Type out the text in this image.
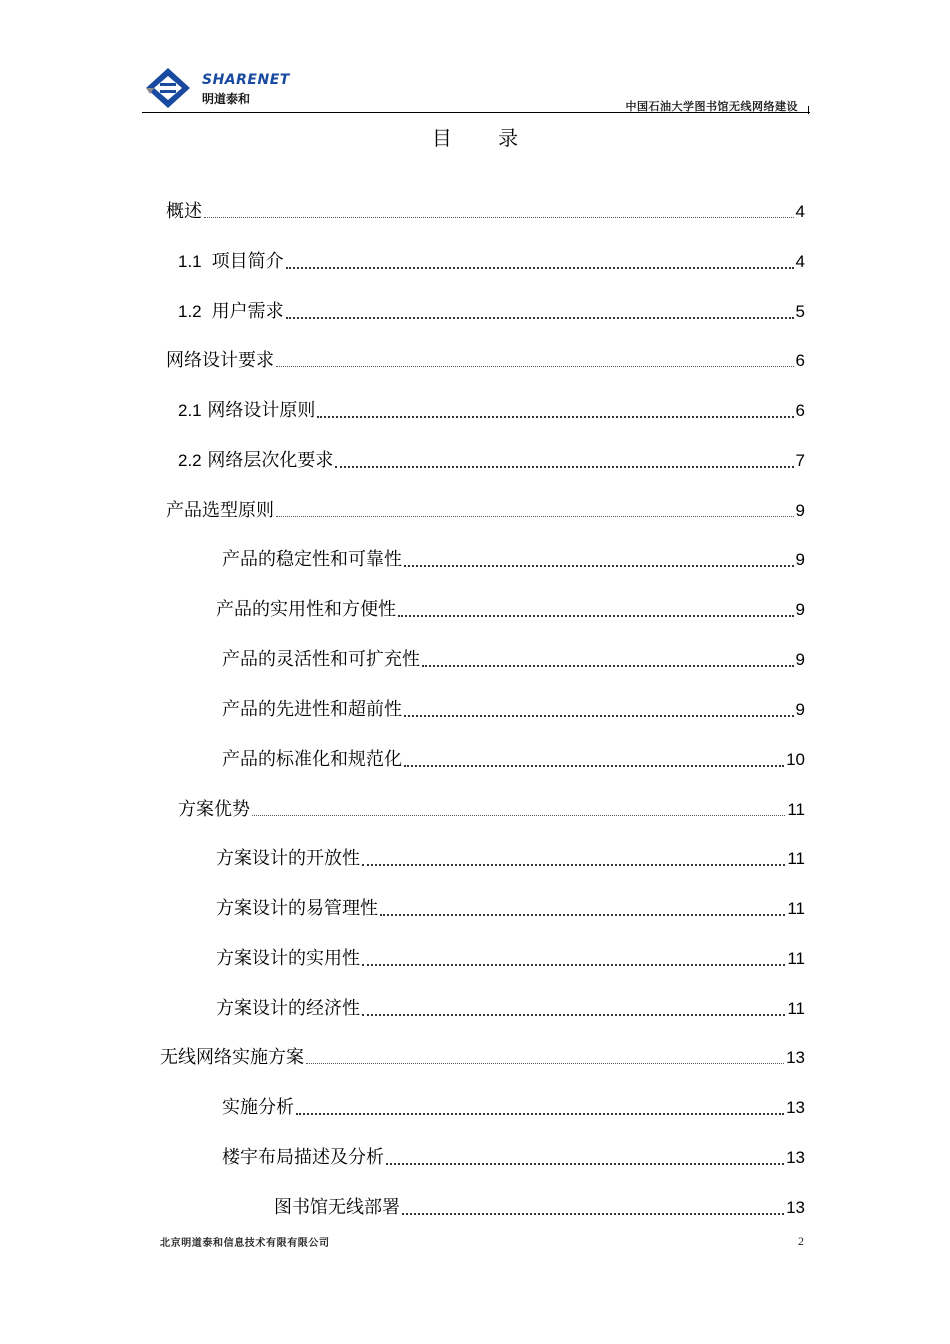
SHARENET
明道泰和
中国石油大学图书馆无线网络建设
目 录
概述	4
1.1 项目简介	4
1.2 用户需求	5
网络设计要求	6
2.1 网络设计原则	6
2.2 网络层次化要求	7
产品选型原则	9
产品的稳定性和可靠性	9
产品的实用性和方便性	9
产品的灵活性和可扩充性	9
产品的先进性和超前性	9
产品的标准化和规范化	10
方案优势	11
方案设计的开放性	11
方案设计的易管理性	11
方案设计的实用性	11
方案设计的经济性	11
无线网络实施方案	13
实施分析	13
楼宇布局描述及分析	13
图书馆无线部署	13
北京明道泰和信息技术有限有限公司	2
